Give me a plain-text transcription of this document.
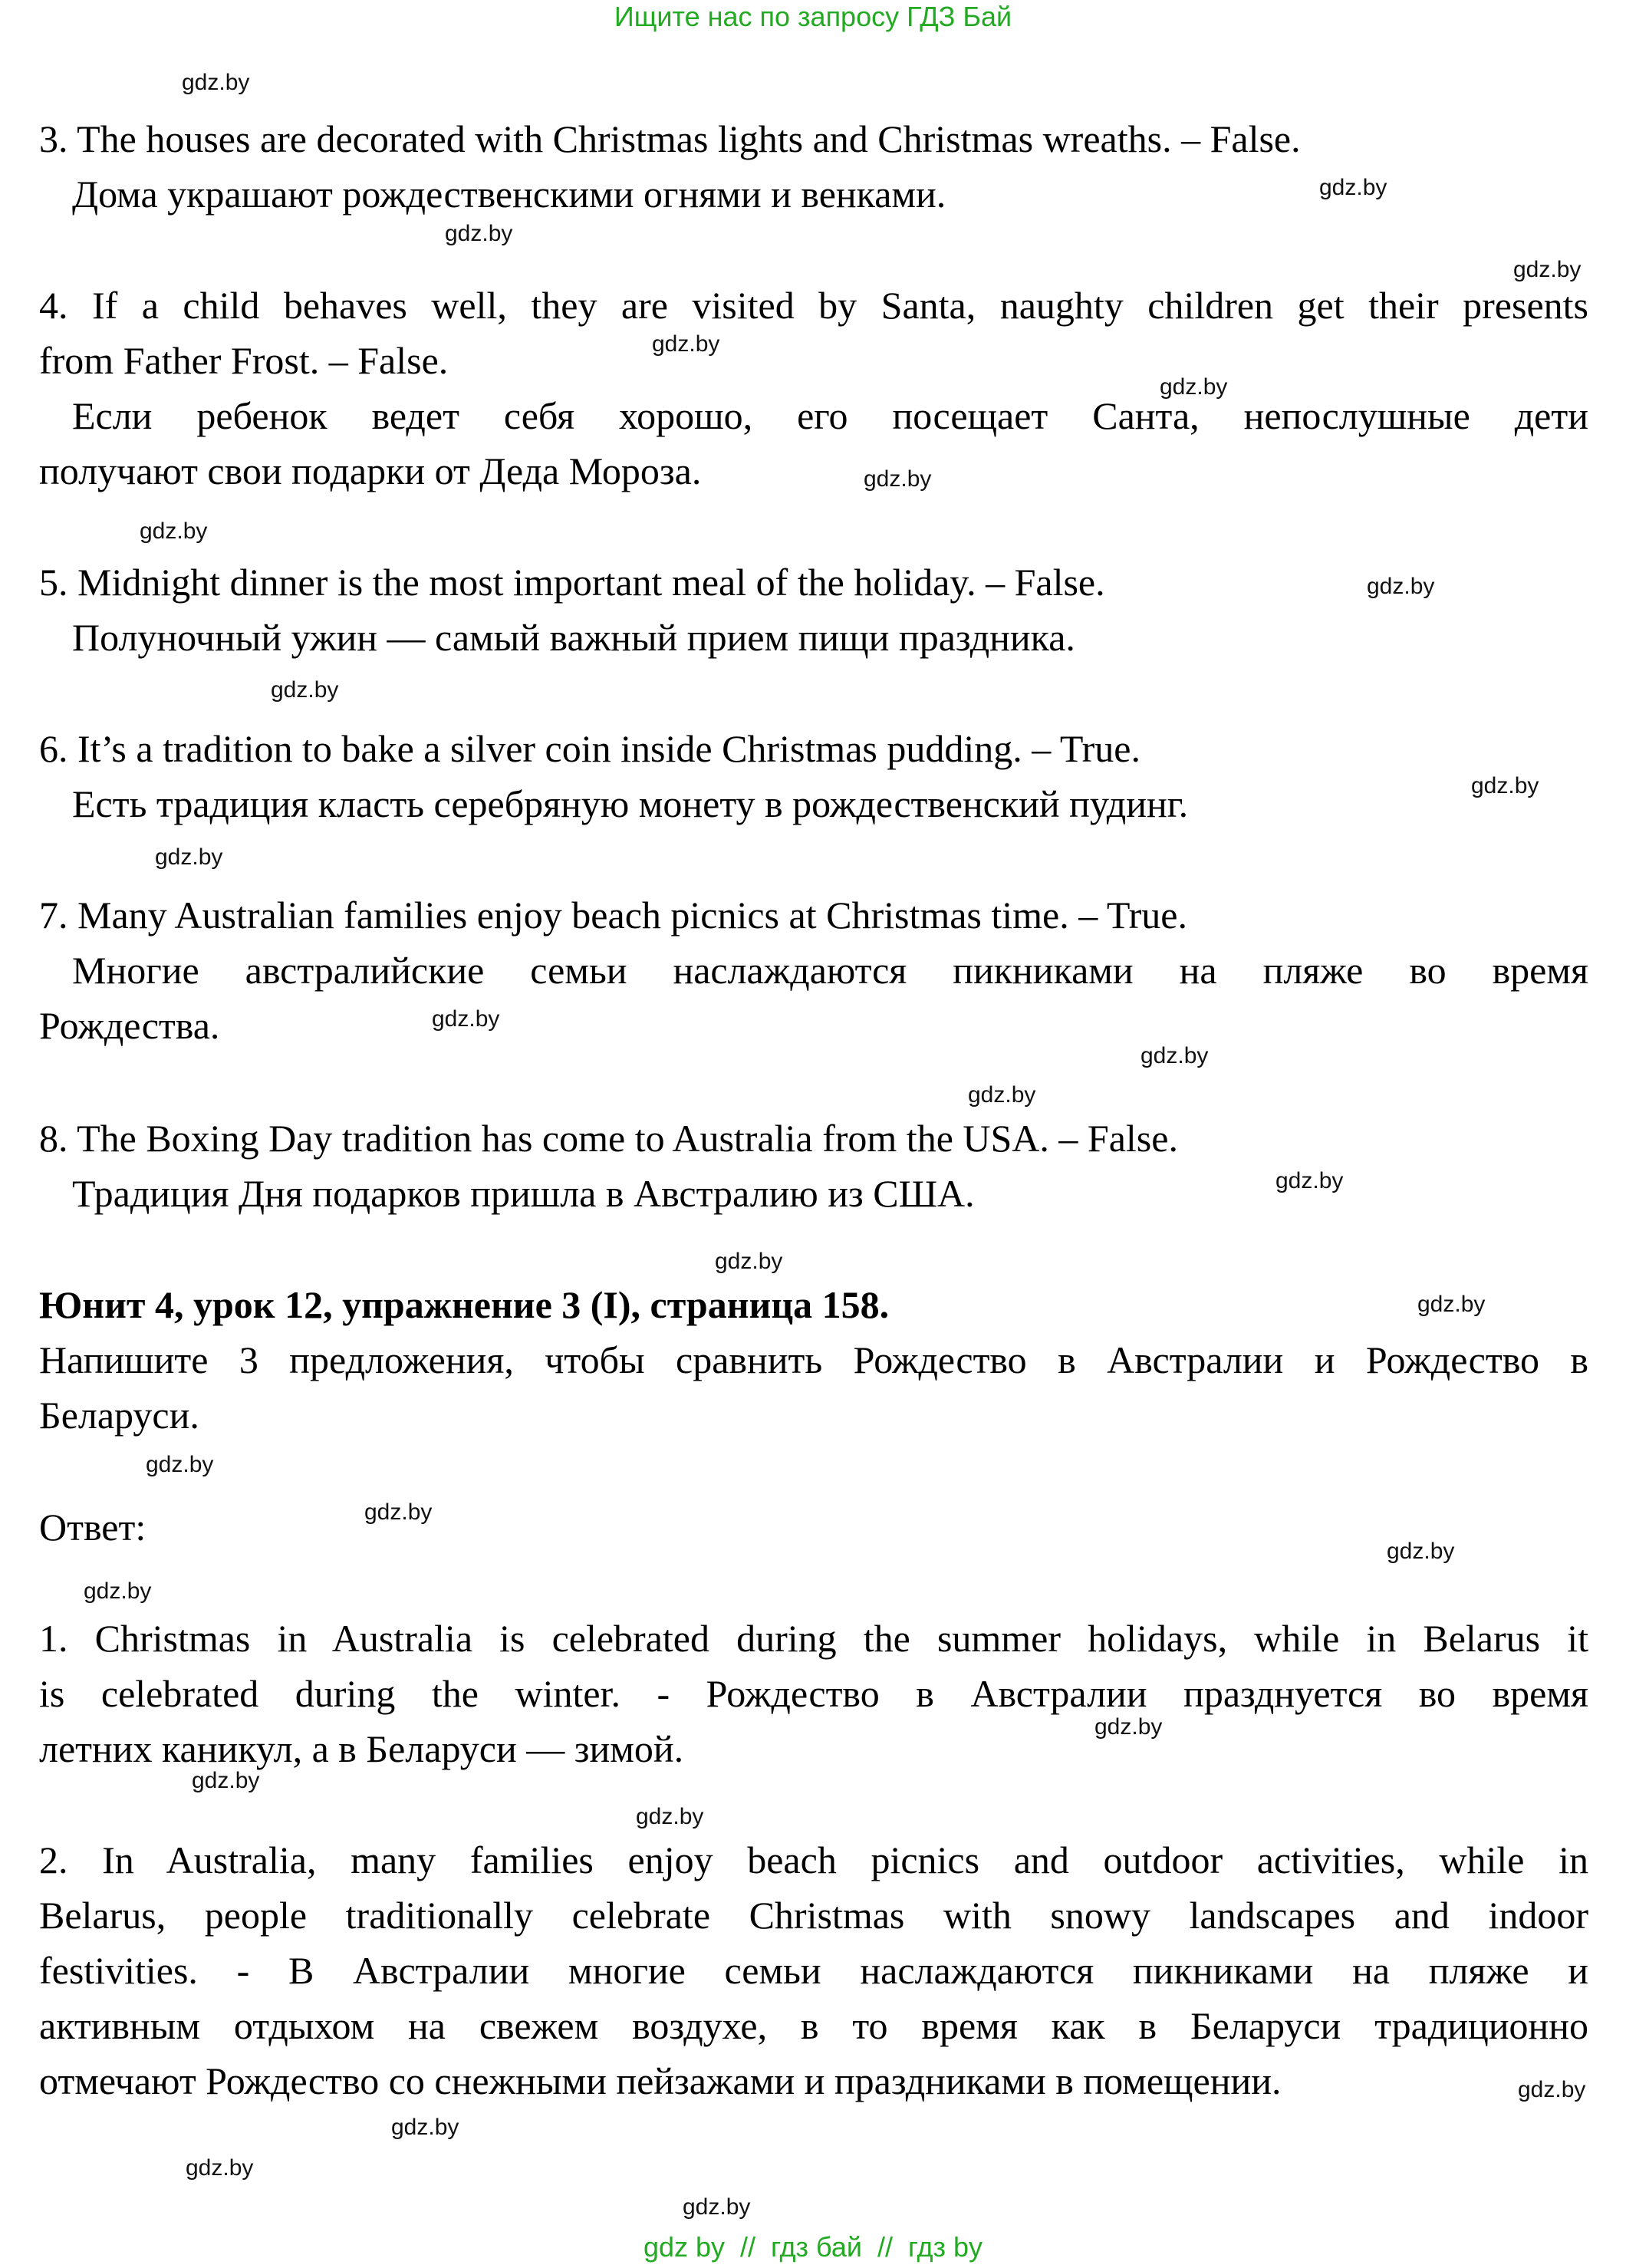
Ищите нас по запросу ГДЗ Бай
3. The houses are decorated with Christmas lights and Christmas wreaths. – False.
Дома украшают рождественскими огнями и венками.
4. If a child behaves well, they are visited by Santa, naughty children get their presents
from Father Frost. – False.
Если ребенок ведет себя хорошо, его посещает Санта, непослушные дети
получают свои подарки от Деда Мороза.
5. Midnight dinner is the most important meal of the holiday. – False.
Полуночный ужин — самый важный прием пищи праздника.
6. It’s a tradition to bake a silver coin inside Christmas pudding. – True.
Есть традиция класть серебряную монету в рождественский пудинг.
7. Many Australian families enjoy beach picnics at Christmas time. – True.
Многие австралийские семьи наслаждаются пикниками на пляже во время
Рождества.
8. The Boxing Day tradition has come to Australia from the USA. – False.
Традиция Дня подарков пришла в Австралию из США.
Юнит 4, урок 12, упражнение 3 (I), страница 158.
Напишите 3 предложения, чтобы сравнить Рождество в Австралии и Рождество в
Беларуси.
Ответ:
1. Christmas in Australia is celebrated during the summer holidays, while in Belarus it
is celebrated during the winter. - Рождество в Австралии празднуется во время
летних каникул, а в Беларуси — зимой.
2. In Australia, many families enjoy beach picnics and outdoor activities, while in
Belarus, people traditionally celebrate Christmas with snowy landscapes and indoor
festivities. - В Австралии многие семьи наслаждаются пикниками на пляже и
активным отдыхом на свежем воздухе, в то время как в Беларуси традиционно
отмечают Рождество со снежными пейзажами и праздниками в помещении.
gdz.by
gdz.by
gdz.by
gdz.by
gdz.by
gdz.by
gdz.by
gdz.by
gdz.by
gdz.by
gdz.by
gdz.by
gdz.by
gdz.by
gdz.by
gdz.by
gdz.by
gdz.by
gdz.by
gdz.by
gdz.by
gdz.by
gdz.by
gdz.by
gdz.by
gdz.by
gdz.by
gdz.by
gdz.by
gdz by  //  гдз бай  //  гдз by
